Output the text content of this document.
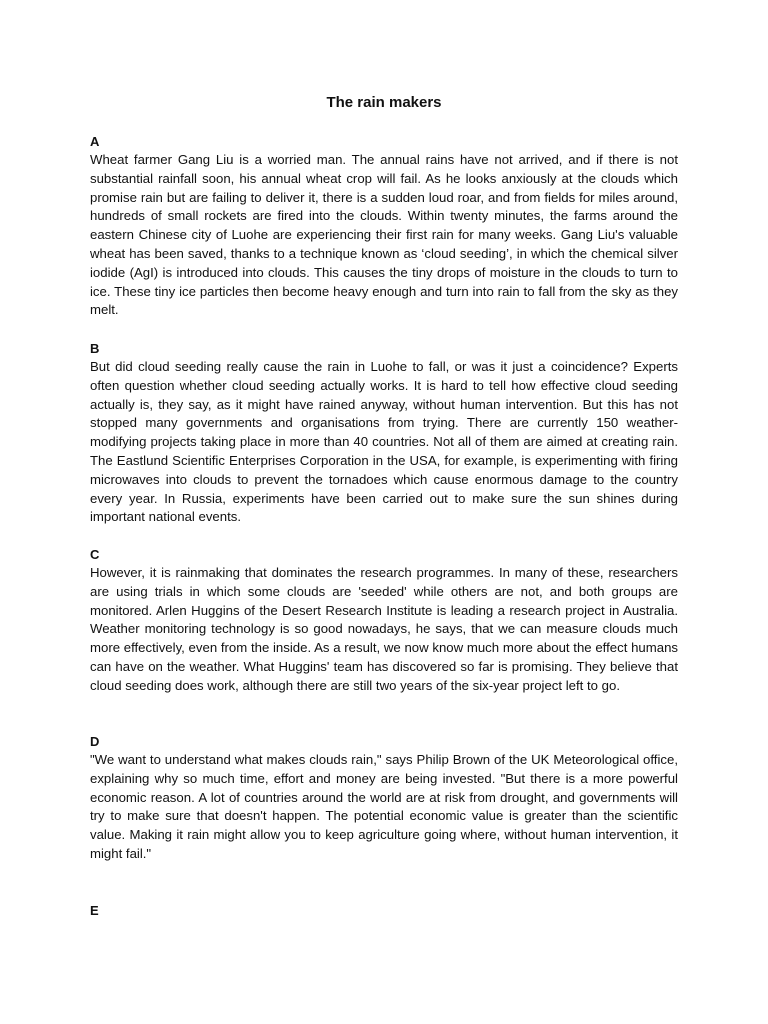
The rain makers
A

Wheat farmer Gang Liu is a worried man. The annual rains have not arrived, and if there is not substantial rainfall soon, his annual wheat crop will fail. As he looks anxiously at the clouds which promise rain but are failing to deliver it, there is a sudden loud roar, and from fields for miles around, hundreds of small rockets are fired into the clouds. Within twenty minutes, the farms around the eastern Chinese city of Luohe are experiencing their first rain for many weeks. Gang Liu's valuable wheat has been saved, thanks to a technique known as ‘cloud seeding’, in which the chemical silver iodide (AgI) is introduced into clouds. This causes the tiny drops of moisture in the clouds to turn to ice. These tiny ice particles then become heavy enough and turn into rain to fall from the sky as they melt.

B

But did cloud seeding really cause the rain in Luohe to fall, or was it just a coincidence? Experts often question whether cloud seeding actually works. It is hard to tell how effective cloud seeding actually is, they say, as it might have rained anyway, without human intervention. But this has not stopped many governments and organisations from trying. There are currently 150 weather-modifying projects taking place in more than 40 countries. Not all of them are aimed at creating rain. The Eastlund Scientific Enterprises Corporation in the USA, for example, is experimenting with firing microwaves into clouds to prevent the tornadoes which cause enormous damage to the country every year. In Russia, experiments have been carried out to make sure the sun shines during important national events.

C

However, it is rainmaking that dominates the research programmes. In many of these, researchers are using trials in which some clouds are 'seeded' while others are not, and both groups are monitored. Arlen Huggins of the Desert Research Institute is leading a research project in Australia. Weather monitoring technology is so good nowadays, he says, that we can measure clouds much more effectively, even from the inside. As a result, we now know much more about the effect humans can have on the weather. What Huggins' team has discovered so far is promising. They believe that cloud seeding does work, although there are still two years of the six-year project left to go.

D

"We want to understand what makes clouds rain," says Philip Brown of the UK Meteorological office, explaining why so much time, effort and money are being invested. "But there is a more powerful economic reason. A lot of countries around the world are at risk from drought, and governments will try to make sure that doesn't happen. The potential economic value is greater than the scientific value. Making it rain might allow you to keep agriculture going where, without human intervention, it might fail."

E
